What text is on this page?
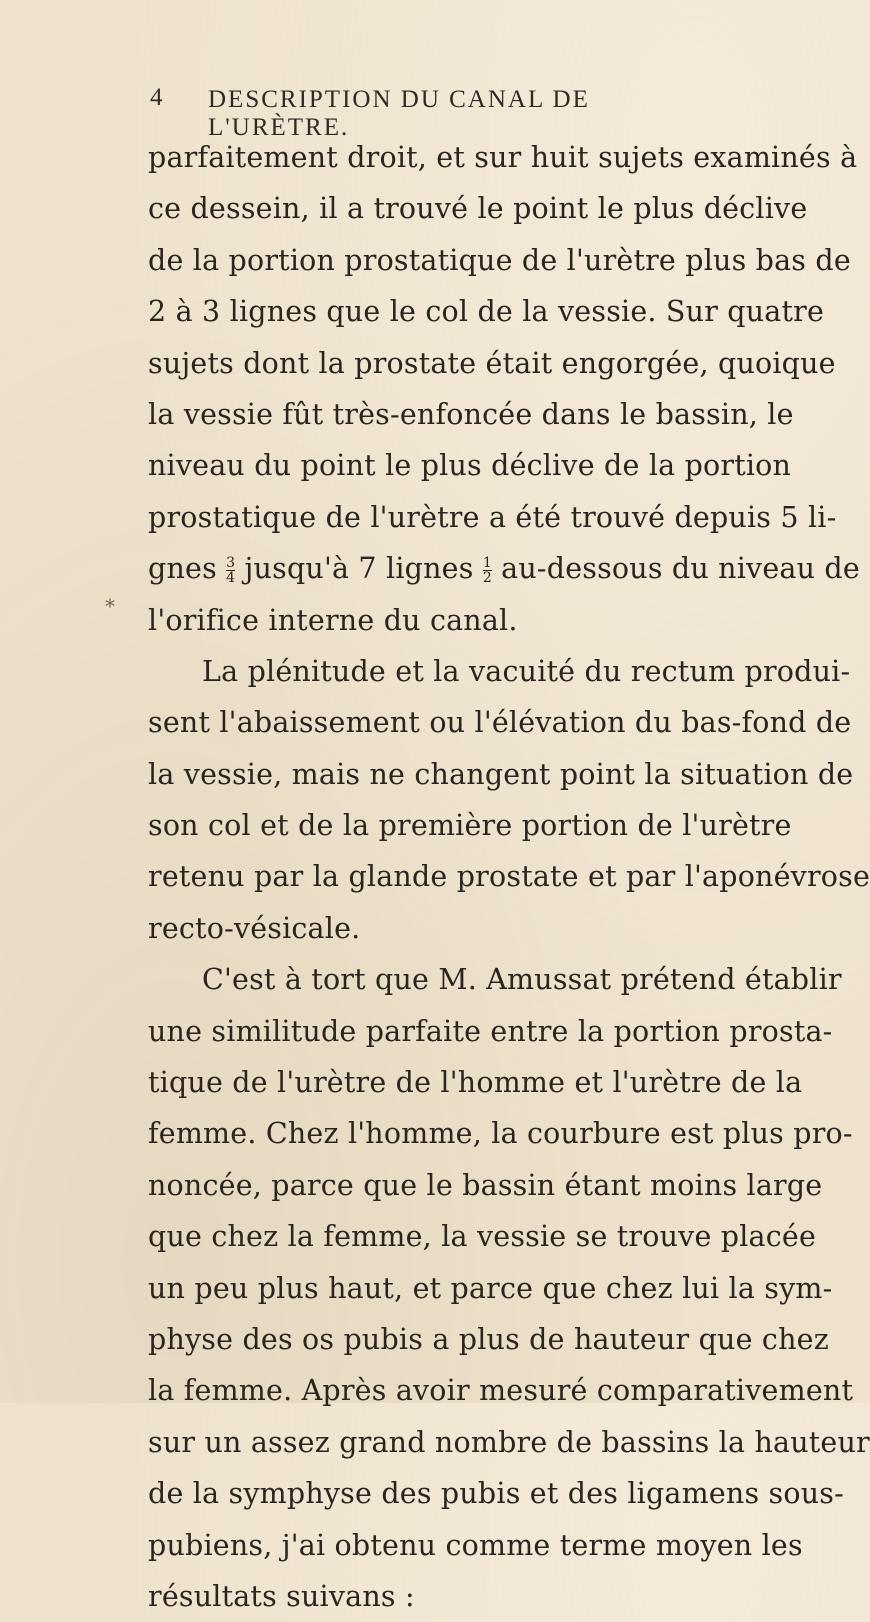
4 DESCRIPTION DU CANAL DE L'URÈTRE.
*
parfaitement droit, et sur huit sujets examinés à
ce dessein, il a trouvé le point le plus déclive
de la portion prostatique de l'urètre plus bas de
2 à 3 lignes que le col de la vessie. Sur quatre
sujets dont la prostate était engorgée, quoique
la vessie fût très-enfoncée dans le bassin, le
niveau du point le plus déclive de la portion
prostatique de l'urètre a été trouvé depuis 5 li-
gnes $\frac{3}{4}$ jusqu'à 7 lignes $\frac{1}{2}$ au-dessous du niveau de
l'orifice interne du canal.
La plénitude et la vacuité du rectum produi-
sent l'abaissement ou l'élévation du bas-fond de
la vessie, mais ne changent point la situation de
son col et de la première portion de l'urètre
retenu par la glande prostate et par l'aponévrose
recto-vésicale.
C'est à tort que M. Amussat prétend établir
une similitude parfaite entre la portion prosta-
tique de l'urètre de l'homme et l'urètre de la
femme. Chez l'homme, la courbure est plus pro-
noncée, parce que le bassin étant moins large
que chez la femme, la vessie se trouve placée
un peu plus haut, et parce que chez lui la sym-
physe des os pubis a plus de hauteur que chez
la femme. Après avoir mesuré comparativement
sur un assez grand nombre de bassins la hauteur
de la symphyse des pubis et des ligamens sous-
pubiens, j'ai obtenu comme terme moyen les
résultats suivans :
